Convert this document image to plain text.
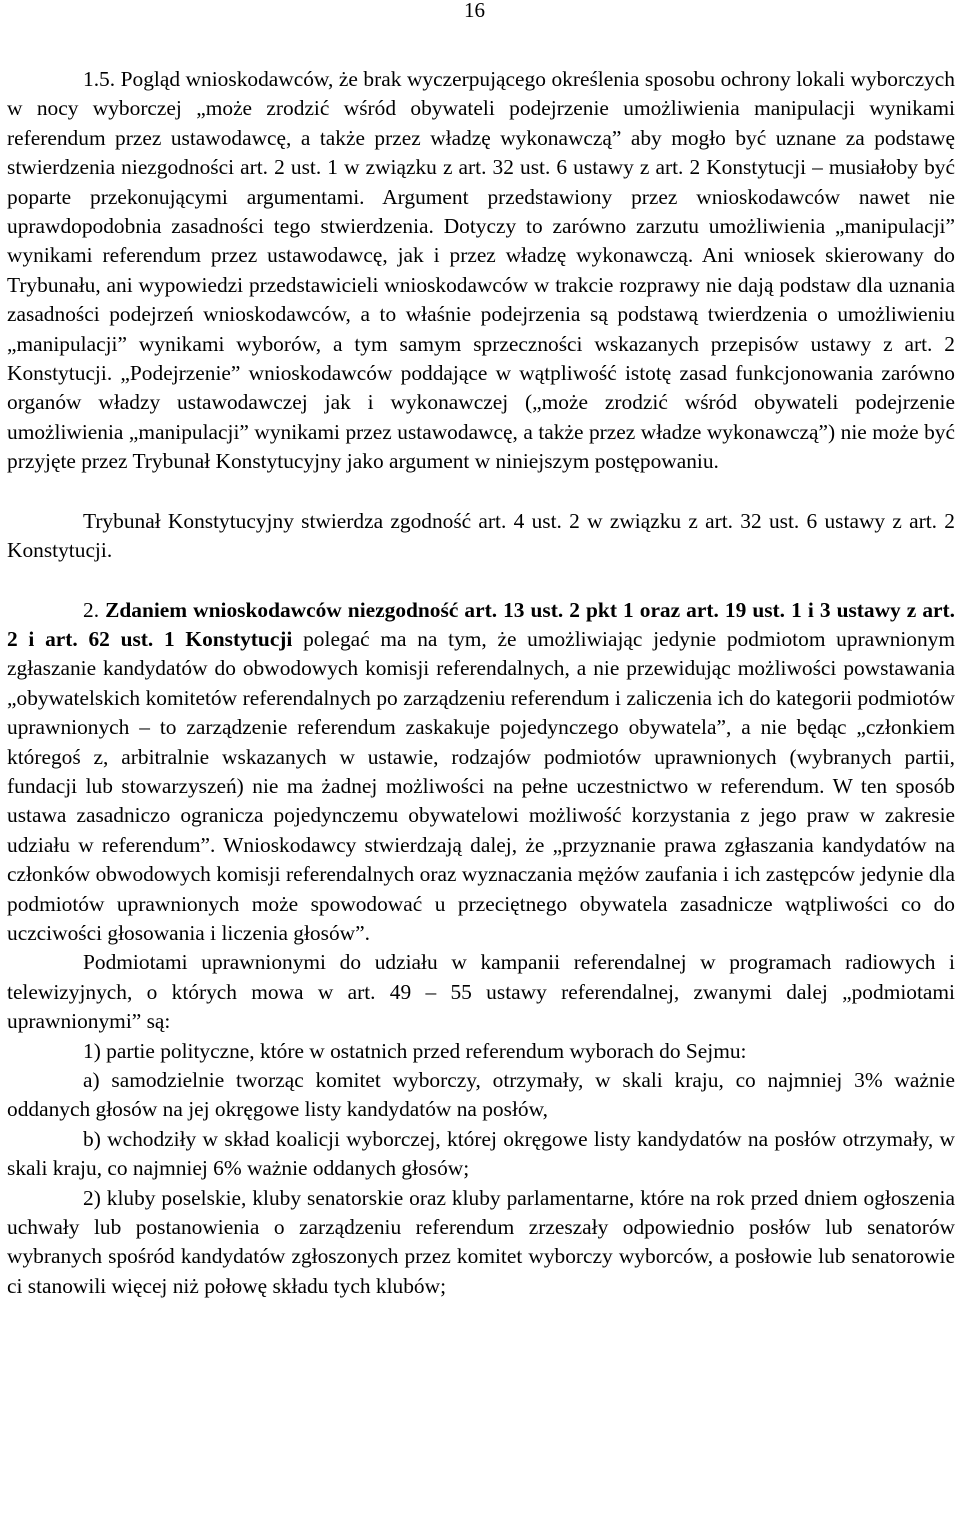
16

1.5. Pogląd wnioskodawców, że brak wyczerpującego określenia sposobu ochrony lokali wyborczych w nocy wyborczej „może zrodzić wśród obywateli podejrzenie umożliwienia manipulacji wynikami referendum przez ustawodawcę, a także przez władzę wykonawczą” aby mogło być uznane za podstawę stwierdzenia niezgodności art. 2 ust. 1 w związku z art. 32 ust. 6 ustawy z art. 2 Konstytucji – musiałoby być poparte przekonującymi argumentami. Argument przedstawiony przez wnioskodawców nawet nie uprawdopodobnia zasadności tego stwierdzenia. Dotyczy to zarówno zarzutu umożliwienia „manipulacji” wynikami referendum przez ustawodawcę, jak i przez władzę wykonawczą. Ani wniosek skierowany do Trybunału, ani wypowiedzi przedstawicieli wnioskodawców w trakcie rozprawy nie dają podstaw dla uznania zasadności podejrzeń wnioskodawców, a to właśnie podejrzenia są podstawą twierdzenia o umożliwieniu „manipulacji” wynikami wyborów, a tym samym sprzeczności wskazanych przepisów ustawy z art. 2 Konstytucji. „Podejrzenie” wnioskodawców poddające w wątpliwość istotę zasad funkcjonowania zarówno organów władzy ustawodawczej jak i wykonawczej („może zrodzić wśród obywateli podejrzenie umożliwienia „manipulacji” wynikami przez ustawodawcę, a także przez władze wykonawczą”) nie może być przyjęte przez Trybunał Konstytucyjny jako argument w niniejszym postępowaniu.

Trybunał Konstytucyjny stwierdza zgodność art. 4 ust. 2 w związku z art. 32 ust. 6 ustawy z art. 2 Konstytucji.

2. Zdaniem wnioskodawców niezgodność art. 13 ust. 2 pkt 1 oraz art. 19 ust. 1 i 3 ustawy z art. 2 i art. 62 ust. 1 Konstytucji polegać ma na tym, że umożliwiając jedynie podmiotom uprawnionym zgłaszanie kandydatów do obwodowych komisji referendalnych, a nie przewidując możliwości powstawania „obywatelskich komitetów referendalnych po zarządzeniu referendum i zaliczenia ich do kategorii podmiotów uprawnionych – to zarządzenie referendum zaskakuje pojedynczego obywatela”, a nie będąc „członkiem któregoś z, arbitralnie wskazanych w ustawie, rodzajów podmiotów uprawnionych (wybranych partii, fundacji lub stowarzyszeń) nie ma żadnej możliwości na pełne uczestnictwo w referendum. W ten sposób ustawa zasadniczo ogranicza pojedynczemu obywatelowi możliwość korzystania z jego praw w zakresie udziału w referendum”. Wnioskodawcy stwierdzają dalej, że „przyznanie prawa zgłaszania kandydatów na członków obwodowych komisji referendalnych oraz wyznaczania mężów zaufania i ich zastępców jedynie dla podmiotów uprawnionych może spowodować u przeciętnego obywatela zasadnicze wątpliwości co do uczciwości głosowania i liczenia głosów”.

Podmiotami uprawnionymi do udziału w kampanii referendalnej w programach radiowych i telewizyjnych, o których mowa w art. 49 – 55 ustawy referendalnej, zwanymi dalej „podmiotami uprawnionymi” są:

1) partie polityczne, które w ostatnich przed referendum wyborach do Sejmu:

a) samodzielnie tworząc komitet wyborczy, otrzymały, w skali kraju, co najmniej 3% ważnie oddanych głosów na jej okręgowe listy kandydatów na posłów,

b) wchodziły w skład koalicji wyborczej, której okręgowe listy kandydatów na posłów otrzymały, w skali kraju, co najmniej 6% ważnie oddanych głosów;

2) kluby poselskie, kluby senatorskie oraz kluby parlamentarne, które na rok przed dniem ogłoszenia uchwały lub postanowienia o zarządzeniu referendum zrzeszały odpowiednio posłów lub senatorów wybranych spośród kandydatów zgłoszonych przez komitet wyborczy wyborców, a posłowie lub senatorowie ci stanowili więcej niż połowę składu tych klubów;
